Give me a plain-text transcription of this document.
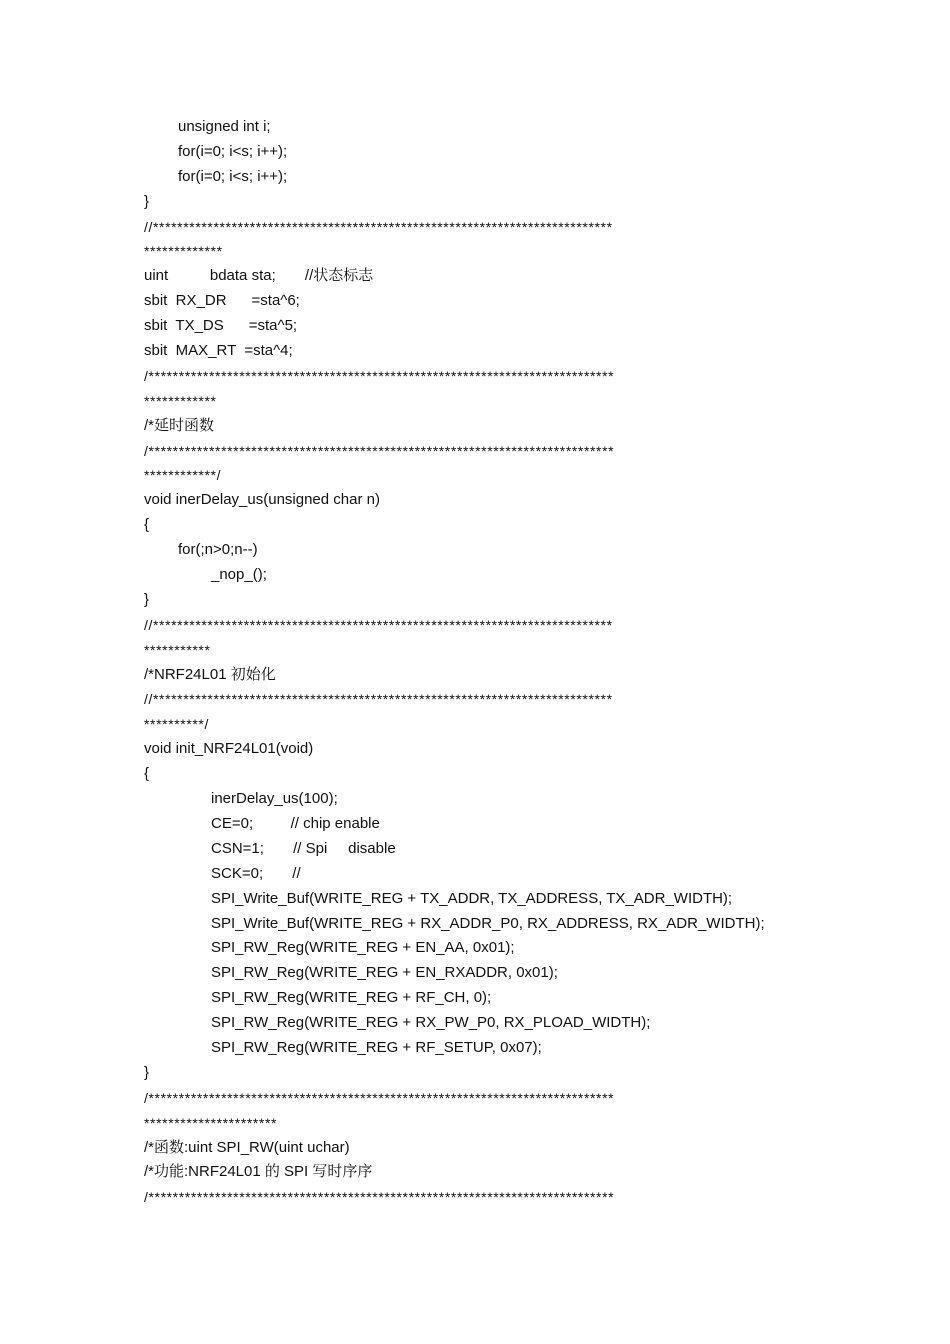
unsigned int i;
for(i=0; i<s; i++);
for(i=0; i<s; i++);
}
//****************************************************************************
*************
uint          bdata sta;       //状态标志
sbit  RX_DR      =sta^6;
sbit  TX_DS      =sta^5;
sbit  MAX_RT  =sta^4;
/*****************************************************************************
************
/*延时函数
/*****************************************************************************
************/
void inerDelay_us(unsigned char n)
{
for(;n>0;n--)
_nop_();
}
//****************************************************************************
***********
/*NRF24L01 初始化
//****************************************************************************
**********/
void init_NRF24L01(void)
{
inerDelay_us(100);
CE=0;         // chip enable
CSN=1;       // Spi     disable
SCK=0;       //
SPI_Write_Buf(WRITE_REG + TX_ADDR, TX_ADDRESS, TX_ADR_WIDTH);
SPI_Write_Buf(WRITE_REG + RX_ADDR_P0, RX_ADDRESS, RX_ADR_WIDTH);
SPI_RW_Reg(WRITE_REG + EN_AA, 0x01);
SPI_RW_Reg(WRITE_REG + EN_RXADDR, 0x01);
SPI_RW_Reg(WRITE_REG + RF_CH, 0);
SPI_RW_Reg(WRITE_REG + RX_PW_P0, RX_PLOAD_WIDTH);
SPI_RW_Reg(WRITE_REG + RF_SETUP, 0x07);
}
/*****************************************************************************
**********************
/*函数:uint SPI_RW(uint uchar)
/*功能:NRF24L01 的 SPI 写时序序
/*****************************************************************************
